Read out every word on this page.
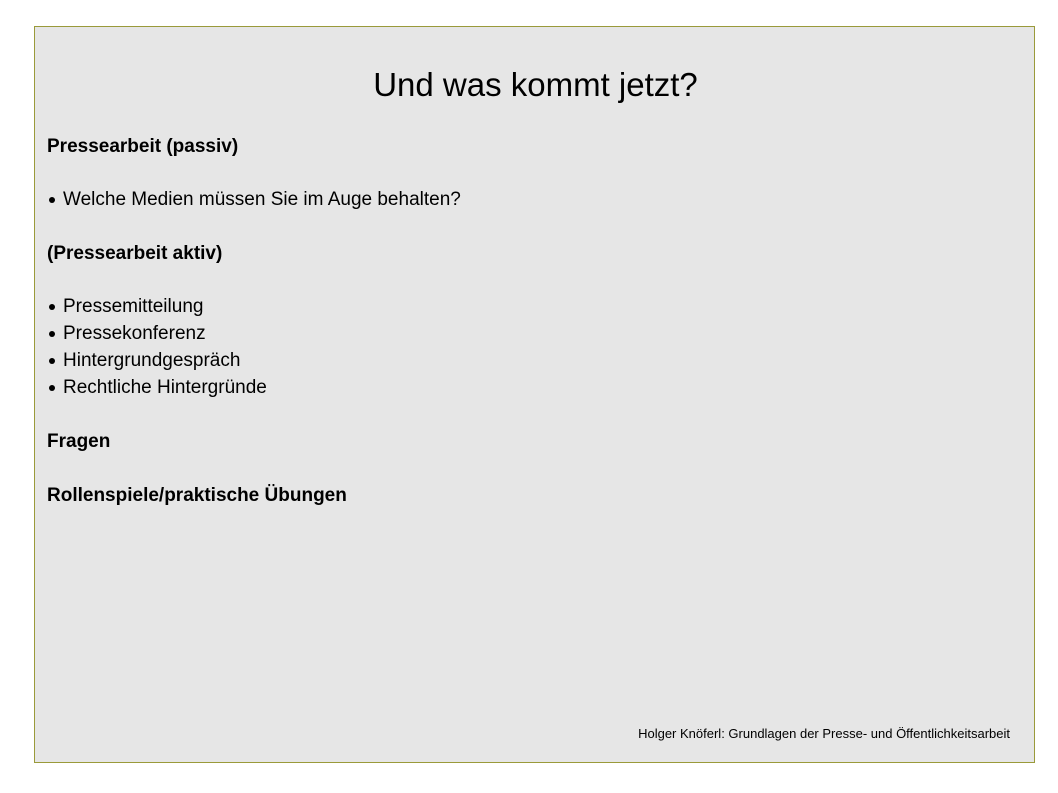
Und was kommt jetzt?
Pressearbeit (passiv)
Welche Medien müssen Sie im Auge behalten?
(Pressearbeit aktiv)
Pressemitteilung
Pressekonferenz
Hintergrundgespräch
Rechtliche Hintergründe
Fragen
Rollenspiele/praktische Übungen
Holger Knöferl: Grundlagen der Presse- und Öffentlichkeitsarbeit
